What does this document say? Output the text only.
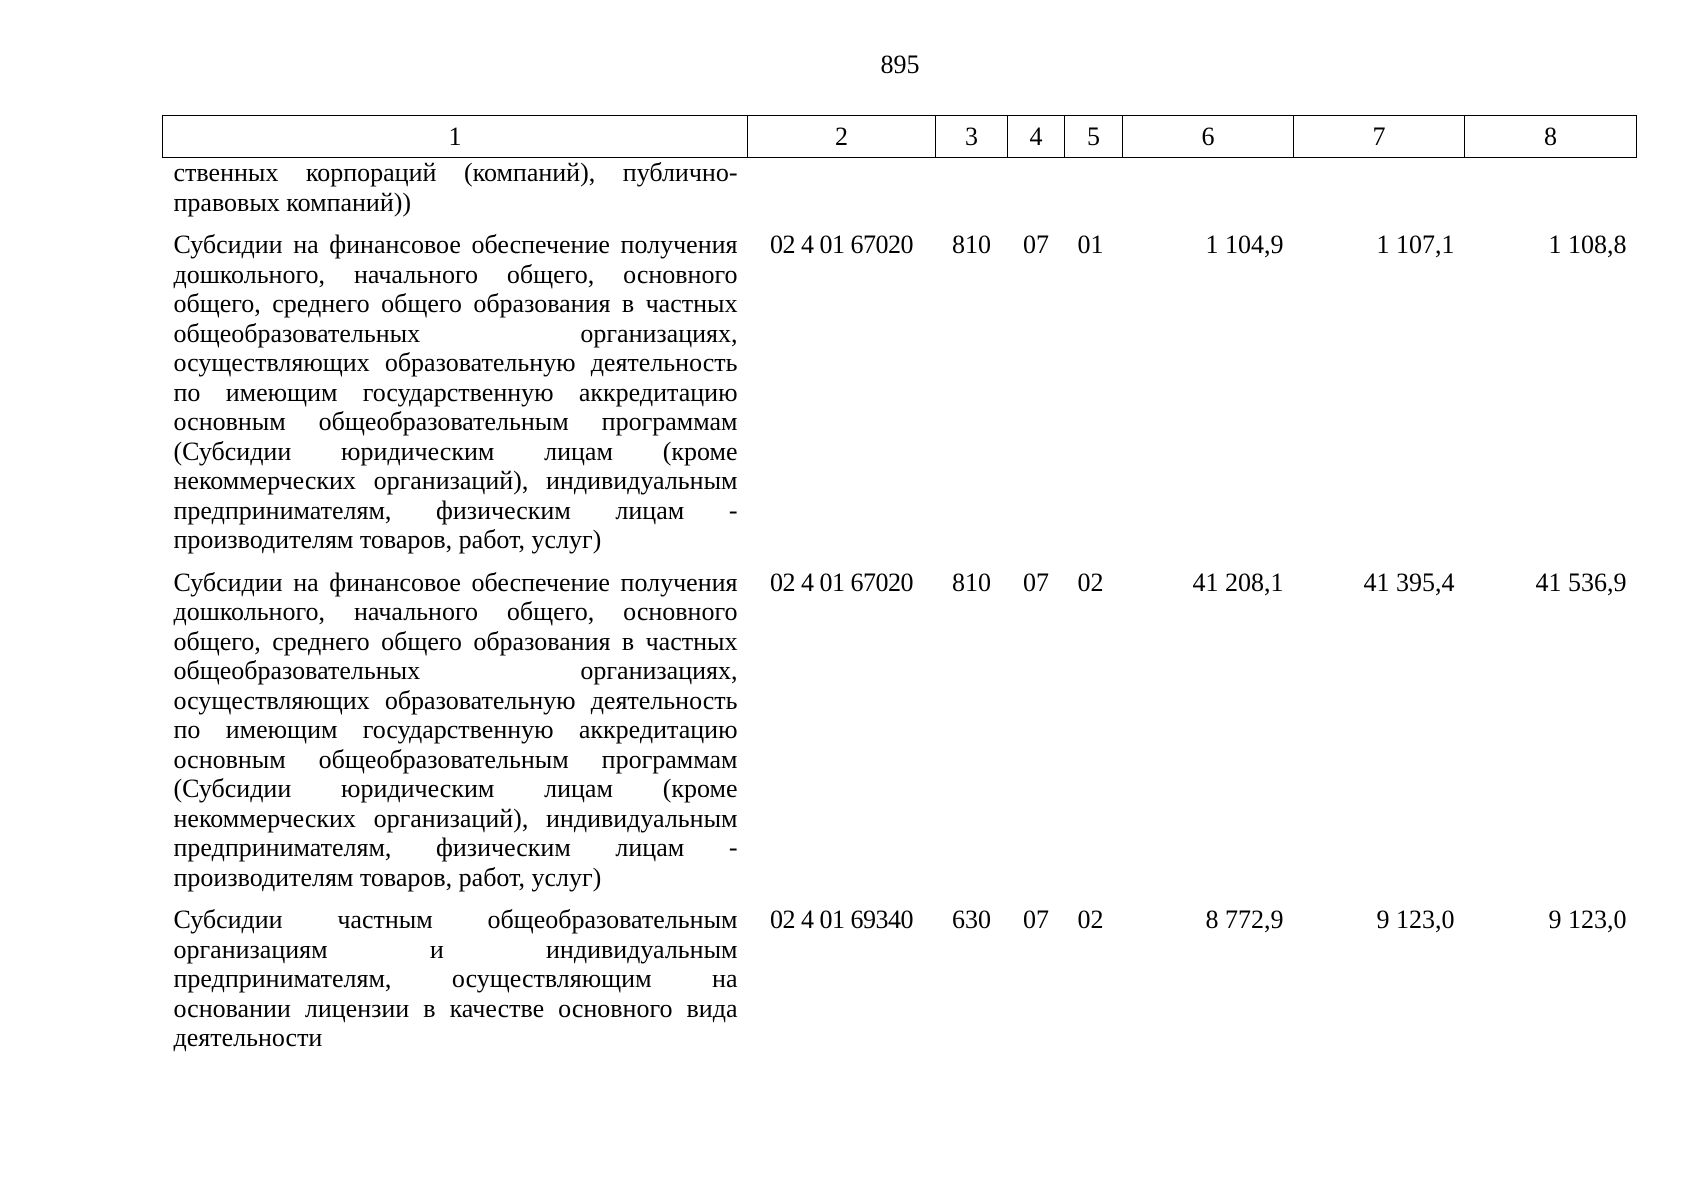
895
1	2	3	4	5	6	7	8
ственных корпораций (компаний), публично-правовых компаний))							
Субсидии на финансовое обеспечение получения дошкольного, начального общего, основного общего, среднего общего образования в частных общеобразовательных организациях, осуществляющих образовательную деятельность по имеющим государственную аккредитацию основным общеобразовательным программам (Субсидии юридическим лицам (кроме некоммерческих организаций), индивидуальным предпринимателям, физическим лицам - производителям товаров, работ, услуг)	02 4 01 67020	810	07	01	1 104,9	1 107,1	1 108,8
Субсидии на финансовое обеспечение получения дошкольного, начального общего, основного общего, среднего общего образования в частных общеобразовательных организациях, осуществляющих образовательную деятельность по имеющим государственную аккредитацию основным общеобразовательным программам (Субсидии юридическим лицам (кроме некоммерческих организаций), индивидуальным предпринимателям, физическим лицам - производителям товаров, работ, услуг)	02 4 01 67020	810	07	02	41 208,1	41 395,4	41 536,9
Субсидии частным общеобразовательным организациям и индивидуальным предпринимателям, осуществляющим на основании лицензии в качестве основного вида деятельности	02 4 01 69340	630	07	02	8 772,9	9 123,0	9 123,0
